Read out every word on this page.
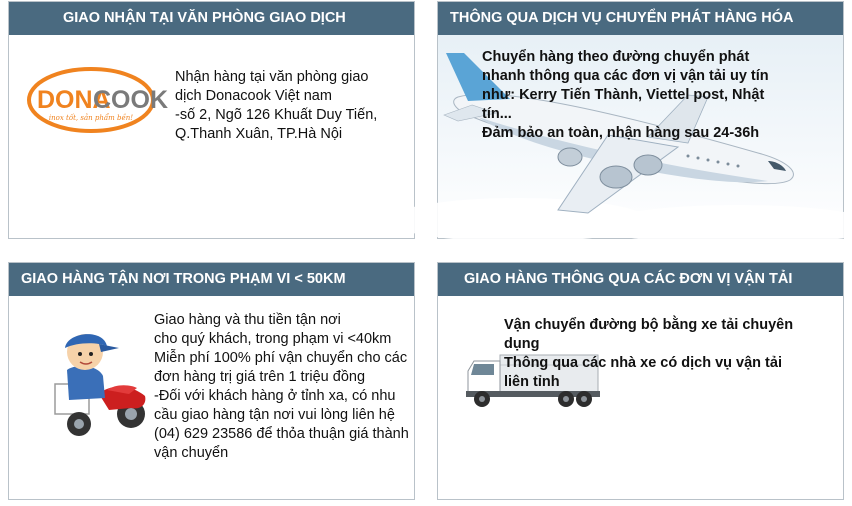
GIAO NHẬN TẠI VĂN PHÒNG GIAO DỊCH
DONA
COOK
inox tốt, sản phẩm bền!
Nhận hàng tại văn phòng giao
dịch Donacook Việt nam
-số 2, Ngõ 126 Khuất Duy Tiến,
Q.Thanh Xuân, TP.Hà Nội
THÔNG QUA DỊCH VỤ CHUYỂN PHÁT HÀNG HÓA
Chuyển hàng theo đường chuyển phát
nhanh thông qua các đơn vị vận tải uy tín
như: Kerry Tiến Thành, Viettel post, Nhật
tín...
Đảm bảo an toàn, nhận hàng sau 24-36h
GIAO HÀNG TẬN NƠI TRONG PHẠM VI < 50KM
Giao hàng và thu tiền tận nơi
cho quý khách, trong phạm vi <40km
Miễn phí 100% phí vận chuyển cho các
đơn hàng trị giá trên 1 triệu đồng
-Đối với khách hàng ở tỉnh xa, có nhu
cầu giao hàng tận nơi vui lòng liên hệ
(04) 629 23586 để thỏa thuận giá thành
vận chuyển
GIAO HÀNG THÔNG QUA CÁC ĐƠN VỊ VẬN TẢI
Vận chuyển đường bộ bằng xe tải chuyên
dụng
Thông qua các nhà xe có dịch vụ vận tải
liên tỉnh
